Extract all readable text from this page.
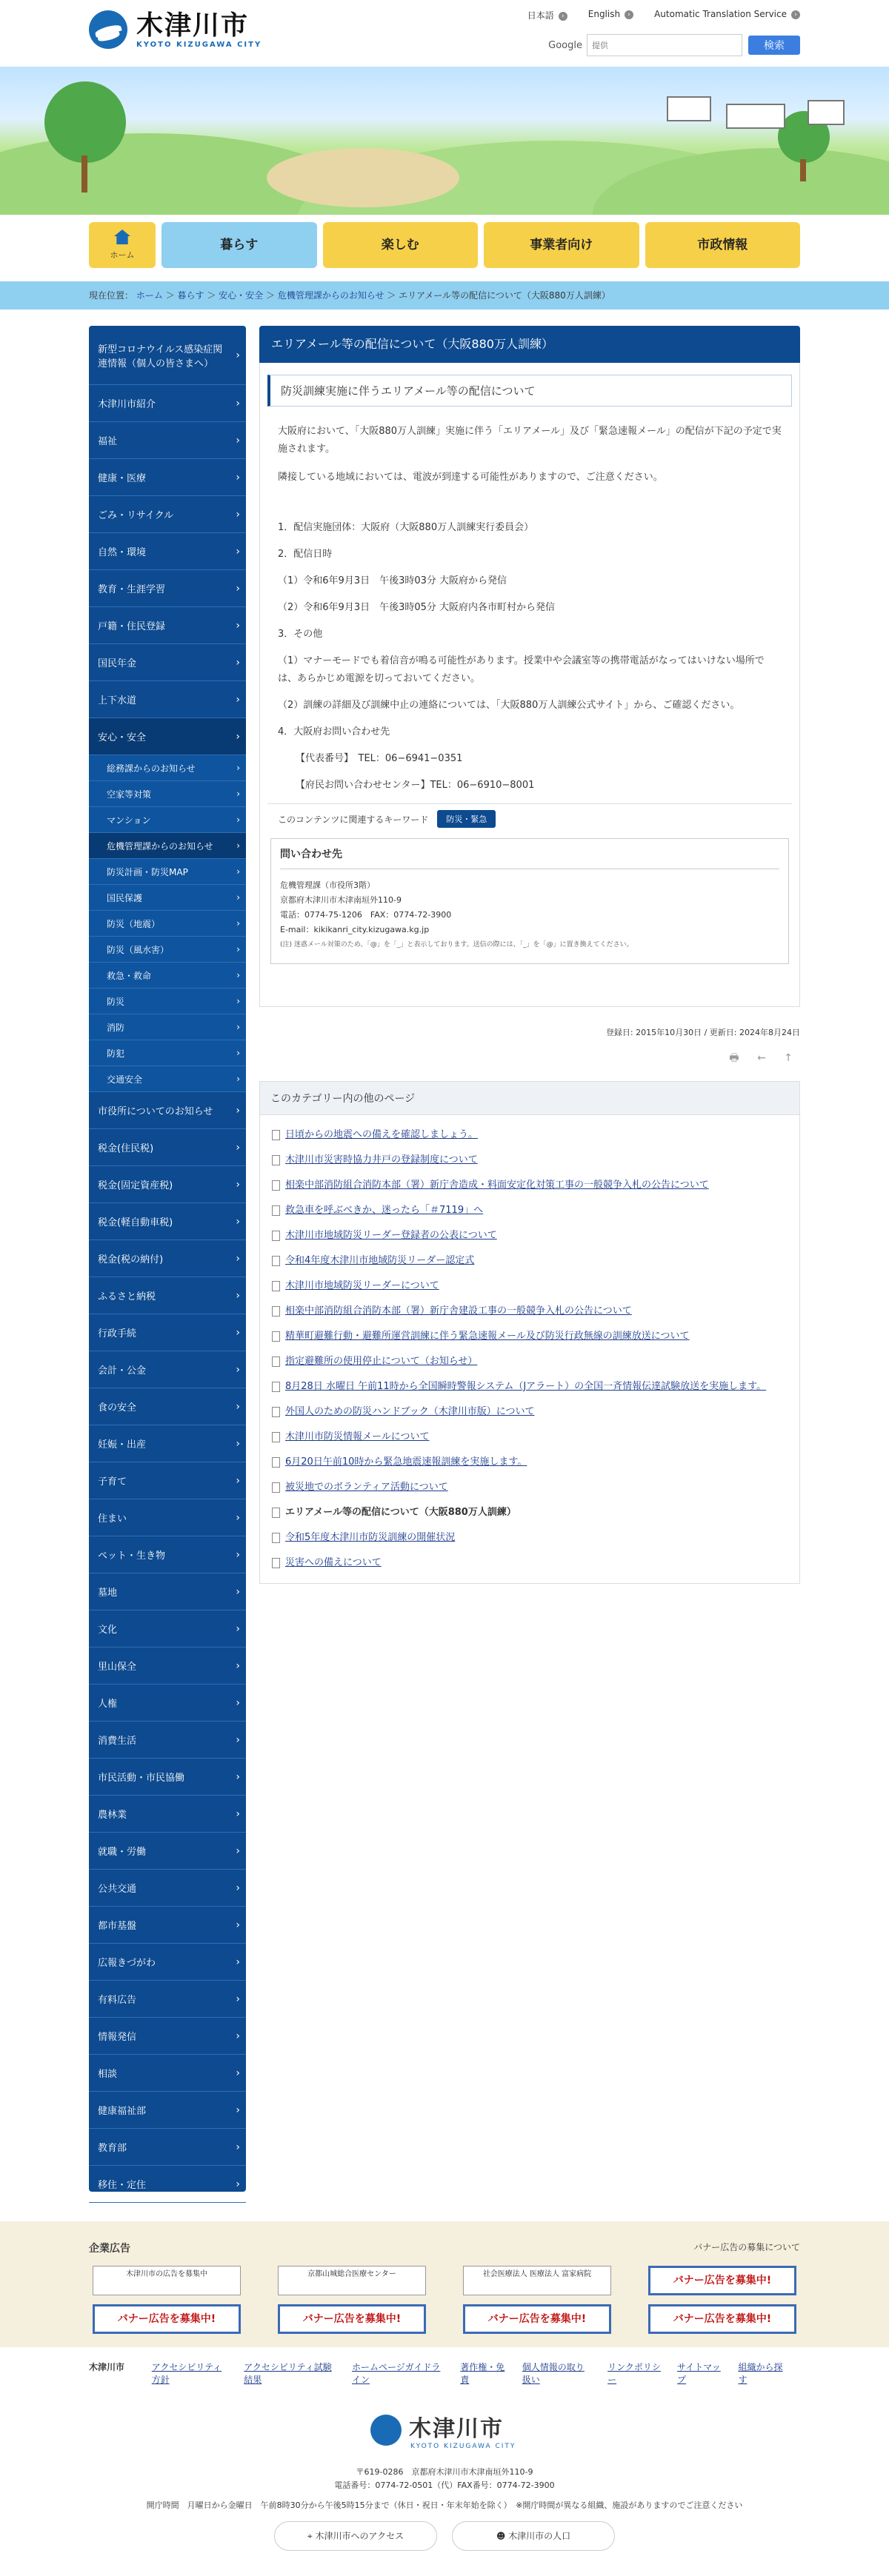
木津川市
KYOTO KIZUGAWA CITY
日本語 ›	English ›	Automatic Translation Service ›
Google
提供	検索
ホーム
暮らす	楽しむ	事業者向け	市政情報
現在位置： ホーム ＞ 暮らす ＞ 安心・安全 ＞ 危機管理課からのお知らせ ＞ エリアメール等の配信について（大阪880万人訓練）
新型コロナウイルス感染症関連情報（個人の皆さまへ） ›
木津川市紹介 ›
福祉 ›
健康・医療 ›
ごみ・リサイクル ›
自然・環境 ›
教育・生涯学習 ›
戸籍・住民登録 ›
国民年金 ›
上下水道 ›
安心・安全 ›
総務課からのお知らせ ›
空家等対策 ›
マンション ›
危機管理課からのお知らせ ›
防災計画・防災MAP ›
国民保護 ›
防災（地震） ›
防災（風水害） ›
救急・救命 ›
防災 ›
消防 ›
防犯 ›
交通安全 ›
市役所についてのお知らせ ›
税金(住民税) ›
税金(固定資産税) ›
税金(軽自動車税) ›
税金(税の納付) ›
ふるさと納税 ›
行政手続 ›
会計・公金 ›
食の安全 ›
妊娠・出産 ›
子育て ›
住まい ›
ペット・生き物 ›
墓地 ›
文化 ›
里山保全 ›
人権 ›
消費生活 ›
市民活動・市民協働 ›
農林業 ›
就職・労働 ›
公共交通 ›
都市基盤 ›
広報きづがわ ›
有料広告 ›
情報発信 ›
相談 ›
健康福祉部 ›
教育部 ›
移住・定住 ›
エリアメール等の配信について（大阪880万人訓練）
防災訓練実施に伴うエリアメール等の配信について
大阪府において、「大阪880万人訓練」実施に伴う「エリアメール」及び「緊急速報メール」の配信が下記の予定で実施されます。
隣接している地域においては、電波が到達する可能性がありますので、ご注意ください。
1．配信実施団体：大阪府（大阪880万人訓練実行委員会）
2．配信日時
（1）令和6年9月3日　午後3時03分 大阪府から発信
（2）令和6年9月3日　午後3時05分 大阪府内各市町村から発信
3．その他
（1）マナーモードでも着信音が鳴る可能性があります。授業中や会議室等の携帯電話がなってはいけない場所では、あらかじめ電源を切っておいてください。
（2）訓練の詳細及び訓練中止の連絡については、「大阪880万人訓練公式サイト」から、ご確認ください。
4．大阪府お問い合わせ先
【代表番号】　TEL：06−6941−0351
【府民お問い合わせセンター】TEL：06−6910−8001
このコンテンツに関連するキーワード	防災・緊急
問い合わせ先

危機管理課（市役所3階）

京都府木津川市木津南垣外110-9

電話：0774-75-1206　FAX：0774-72-3900

E-mail：kikikanri_city.kizugawa.kg.jp

(注) 迷惑メール対策のため、「@」を「_」と表示しております。送信の際には、「_」を「@」に置き換えてください。

登録日: 2015年10月30日 / 更新日: 2024年8月24日
🖶 ← ↑
このカテゴリー内の他のページ
日頃からの地震への備えを確認しましょう。
木津川市災害時協力井戸の登録制度について
相楽中部消防組合消防本部（署）新庁舎造成・料面安定化対策工事の一般競争入札の公告について
救急車を呼ぶべきか、迷ったら「＃7119」へ
木津川市地域防災リーダー登録者の公表について
令和4年度木津川市地域防災リーダー認定式
木津川市地域防災リーダーについて
相楽中部消防組合消防本部（署）新庁舎建設工事の一般競争入札の公告について
精華町避難行動・避難所運営訓練に伴う緊急速報メール及び防災行政無線の訓練放送について
指定避難所の使用停止について（お知らせ）
8月28日 水曜日 午前11時から全国瞬時警報システム（Jアラート）の全国一斉情報伝達試験放送を実施します。
外国人のための防災ハンドブック（木津川市版）について
木津川市防災情報メールについて
6月20日午前10時から緊急地震速報訓練を実施します。
被災地でのボランティア活動について
エリアメール等の配信について（大阪880万人訓練）
令和5年度木津川市防災訓練の開催状況
災害への備えについて
企業広告	バナー広告の募集について
木津川市の広告を募集中	京都山城総合医療センター	社会医療法人 医療法人 富家病院
バナー広告を募集中!
バナー広告を募集中!	バナー広告を募集中!	バナー広告を募集中!	バナー広告を募集中!
木津川市	アクセシビリティ方針
アクセシビリティ試験結果
ホームページガイドライン
著作権・免責
個人情報の取り扱い
リンクポリシー
サイトマップ
組織から探す
木津川市
KYOTO KIZUGAWA CITY
〒619-0286　京都府木津川市木津南垣外110-9
電話番号：0774-72-0501（代）FAX番号：0774-72-3900
開庁時間　月曜日から金曜日　午前8時30分から午後5時15分まで（休日・祝日・年末年始を除く）　※開庁時間が異なる組織、施設がありますのでご注意ください
⌖ 木津川市へのアクセス	☻ 木津川市の人口
